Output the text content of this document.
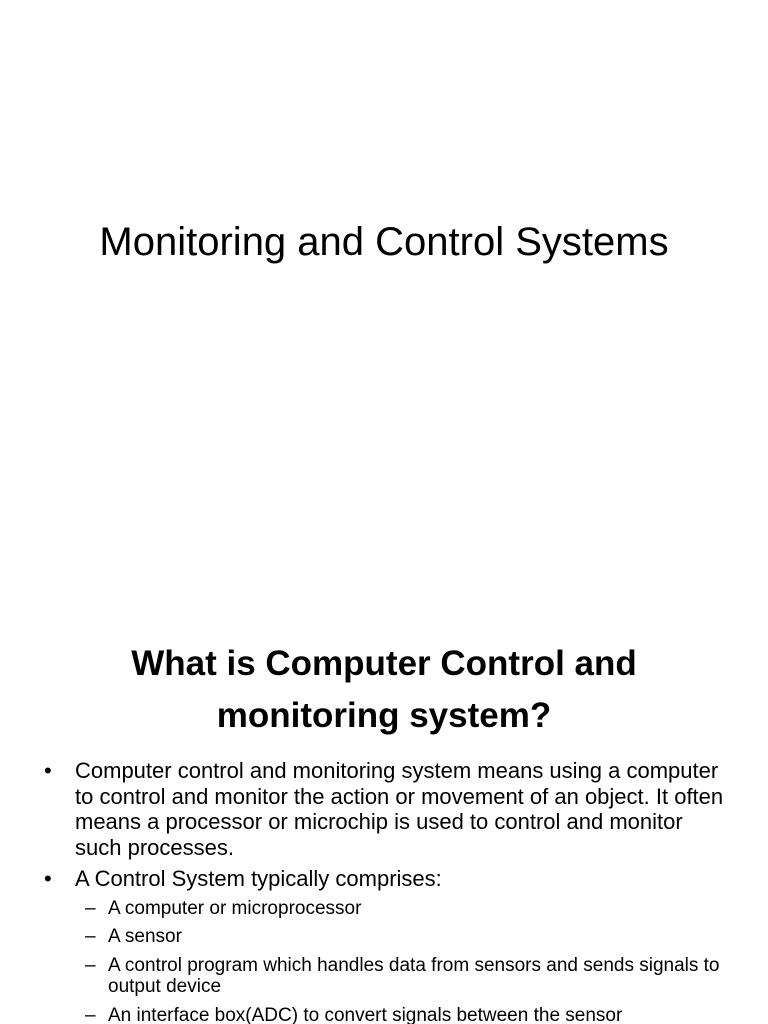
Monitoring and Control Systems
What is Computer Control and
monitoring system?
•	Computer control and monitoring system means using a computer to control and monitor the action or movement of an object. It often means a processor or microchip is used to control and monitor such processes.
•	A Control System typically comprises:
– A computer or microprocessor
– A sensor
– A control program which handles data from sensors and sends signals to output device
– An interface box(ADC) to convert signals between the sensor
